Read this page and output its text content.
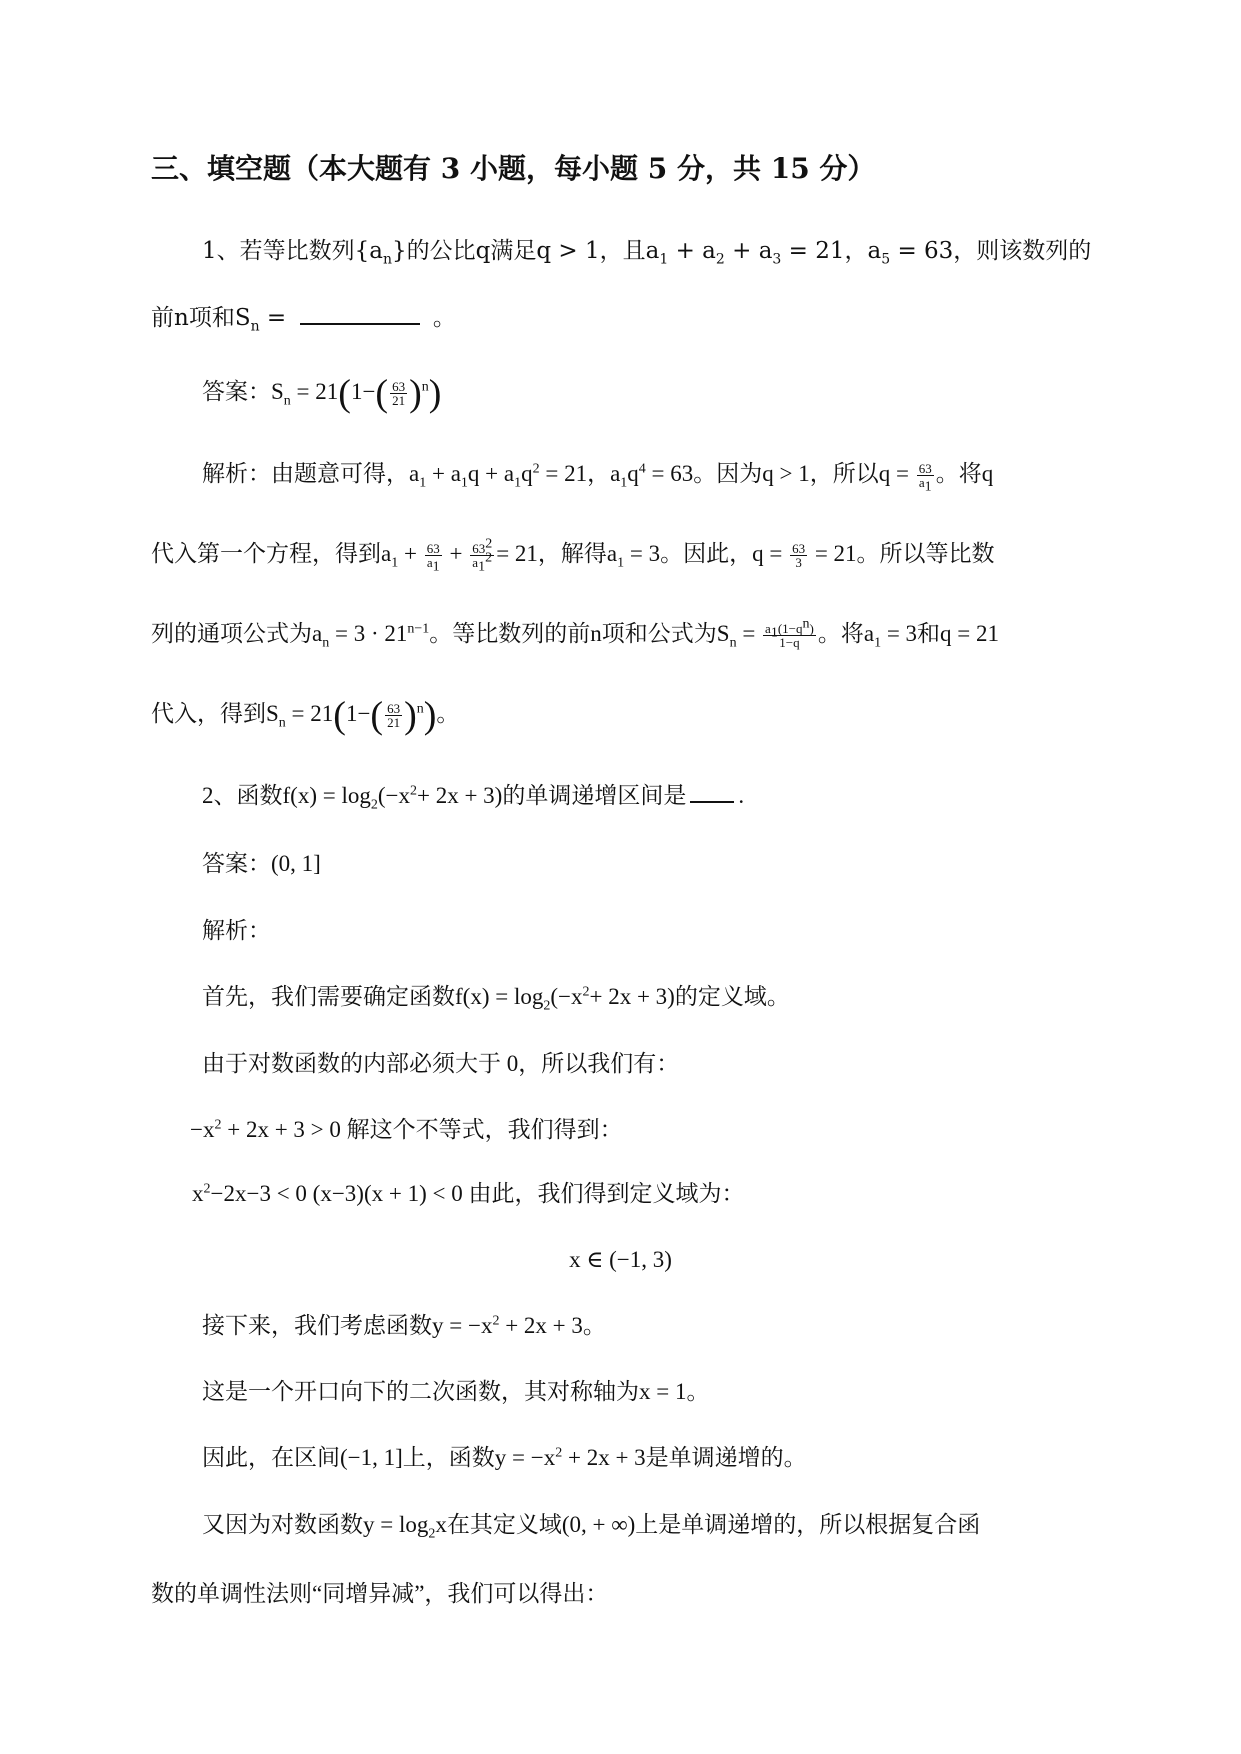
三、填空题（本大题有 3 小题，每小题 5 分，共 15 分）
1、若等比数列$\{a_n\}$的公比q满足q > 1，且$a_1 + a_2 + a_3 = 21$，$a_5 = 63$，则该数列的
前n项和$S_n$ =	。
答案：$S_n = 21(1-( \frac{63}{21} )^n)$
解析：由题意可得，$a_1 + a_1q + a_1q^2 = 21$，$a_1q^4 = 63$。因为q > 1，所以$q = \frac{63}{a_1}$ 。将q
代入第一个方程，得到$a_1 + \frac{63}{a_1} + \frac{63^2}{a_1^2} = 21$，解得$a_1 = 3$。因此，$q = \frac{63}{3} = 21$。所以等比数
列的通项公式为$a_n = 3 \cdot 21^{n-1}$。等比数列的前n项和公式为$S_n = \frac{a_1(1-q^n)}{1-q}$ 。将$a_1 = 3$和q = 21
代入，得到$S_n = 21(1-( \frac{63}{21} )^n)$。
2、函数$f(x) = \log_2(-x^2+ 2x + 3)$的单调递增区间是 .
答案：(0, 1]
解析：
首先，我们需要确定函数$f(x) = \log_2(-x^2+ 2x + 3)$的定义域。
由于对数函数的内部必须大于 0，所以我们有：
$-x^2 + 2x + 3 > 0$ 解这个不等式，我们得到：
$x^2-2x-3 < 0$ (x−3)(x + 1) < 0 由此，我们得到定义域为：
x ∈ (−1, 3)
接下来，我们考虑函数$y = -x^2 + 2x + 3$。
这是一个开口向下的二次函数，其对称轴为x = 1。
因此，在区间(−1, 1]上，函数$y = -x^2 + 2x + 3$是单调递增的。
又因为对数函数$y = \log_2x$在其定义域(0, + ∞)上是单调递增的，所以根据复合函
数的单调性法则“同增异减”，我们可以得出：
